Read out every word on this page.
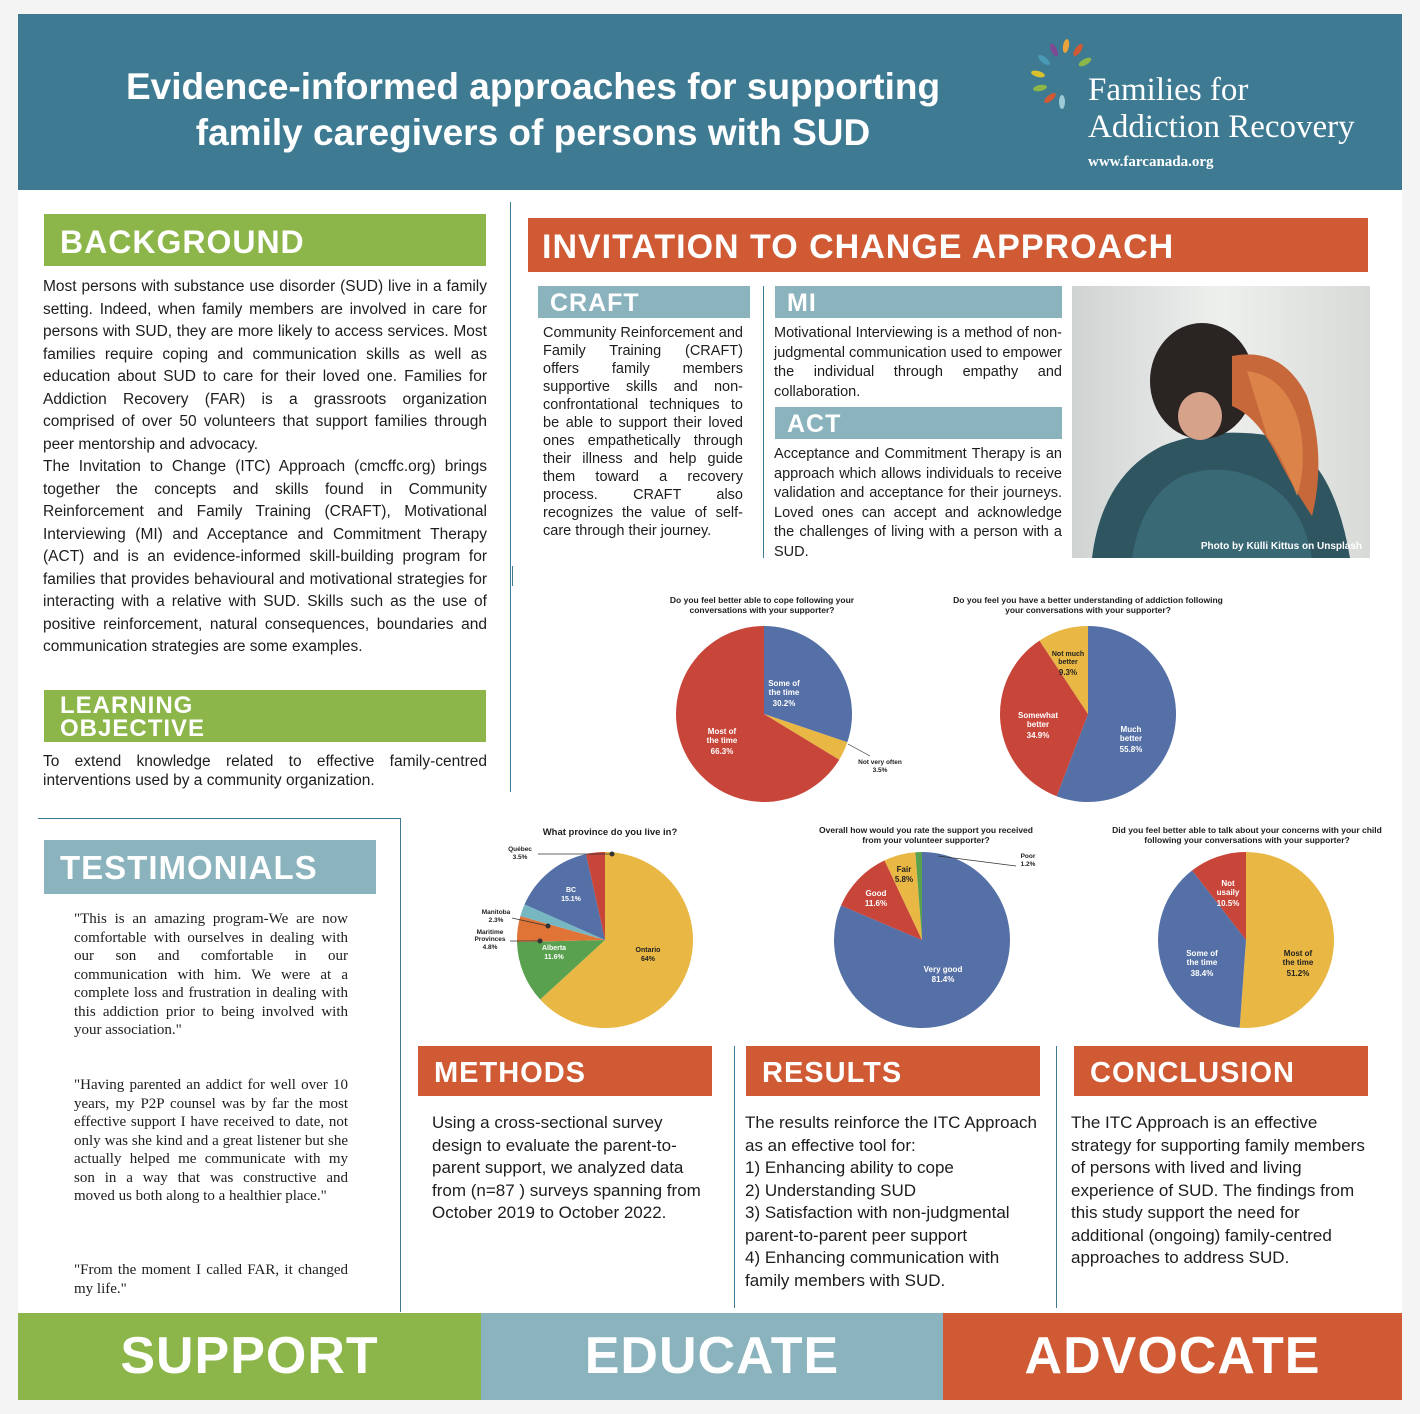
Evidence-informed approaches for supporting
family caregivers of persons with SUD
Families for
Addiction Recovery
www.farcanada.org
BACKGROUND
Most persons with substance use disorder (SUD) live in a family setting. Indeed, when family members are involved in care for persons with SUD, they are more likely to access services. Most families require coping and communication skills as well as education about SUD to care for their loved one. Families for Addiction Recovery (FAR) is a grassroots organization comprised of over 50 volunteers that support families through peer mentorship and advocacy.
The Invitation to Change (ITC) Approach (cmcffc.org) brings together the concepts and skills found in Community Reinforcement and Family Training (CRAFT), Motivational Interviewing (MI) and Acceptance and Commitment Therapy (ACT) and is an evidence-informed skill-building program for families that provides behavioural and motivational strategies for interacting with a relative with SUD. Skills such as the use of positive reinforcement, natural consequences, boundaries and communication strategies are some examples.
LEARNING
OBJECTIVE
To extend knowledge related to effective family-centred interventions used by a community organization.
TESTIMONIALS
"This is an amazing program-We are now comfortable with ourselves in dealing with our son and comfortable in our communication with him. We were at a complete loss and frustration in dealing with this addiction prior to being involved with your association."
"Having parented an addict for well over 10 years, my P2P counsel was by far the most effective support I have received to date, not only was she kind and a great listener but she actually helped me communicate with my son in a way that was constructive and moved us both along to a healthier place."
"From the moment I called FAR, it changed my life."
INVITATION TO CHANGE APPROACH
CRAFT
Community Reinforcement and Family Training (CRAFT) offers family members supportive skills and non-confrontational techniques to be able to support their loved ones empathetically through their illness and help guide them toward a recovery process. CRAFT also recognizes the value of self-care through their journey.
MI
Motivational Interviewing is a method of non-judgmental communication used to empower the individual through empathy and collaboration.
ACT
Acceptance and Commitment Therapy is an approach which allows individuals to receive validation and acceptance for their journeys. Loved ones can accept and acknowledge the challenges of living with a person with a SUD.	Photo by Külli Kittus on Unsplash
Do you feel better able to cope following your conversations with your supporter?
Some of
the time
30.2%
Most of
the time
66.3%
Not very often
3.5%
Do you feel you have a better understanding of addiction following your conversations with your supporter?
Much
better
55.8%
Somewhat
better
34.9%
Not much
better
9.3%
What province do you live in?
Ontario
64%
Alberta
11.6%
BC
15.1%
Québec
3.5%
Manitoba
2.3%
Maritime
Provinces
4.8%
Overall how would you rate the support you received from your volunteer supporter?
Very good
81.4%
Good
11.6%
Fair
5.8%
Poor
1.2%
Did you feel better able to talk about your concerns with your child following your conversations with your supporter?
Most of
the time
51.2%
Some of
the time
38.4%
Not
usaily
10.5%
METHODS
Using a cross-sectional survey design to evaluate the parent-to-parent support, we analyzed data from (n=87 ) surveys spanning from October 2019 to October 2022.
RESULTS
The results reinforce the ITC Approach as an effective tool for:
1) Enhancing ability to cope
2) Understanding SUD
3) Satisfaction with non-judgmental parent-to-parent peer support
4) Enhancing communication with family members with SUD.
CONCLUSION
The ITC Approach is an effective strategy for supporting family members of persons with lived and living experience of SUD. The findings from this study support the need for additional (ongoing) family-centred approaches to address SUD.
SUPPORT	EDUCATE	ADVOCATE
